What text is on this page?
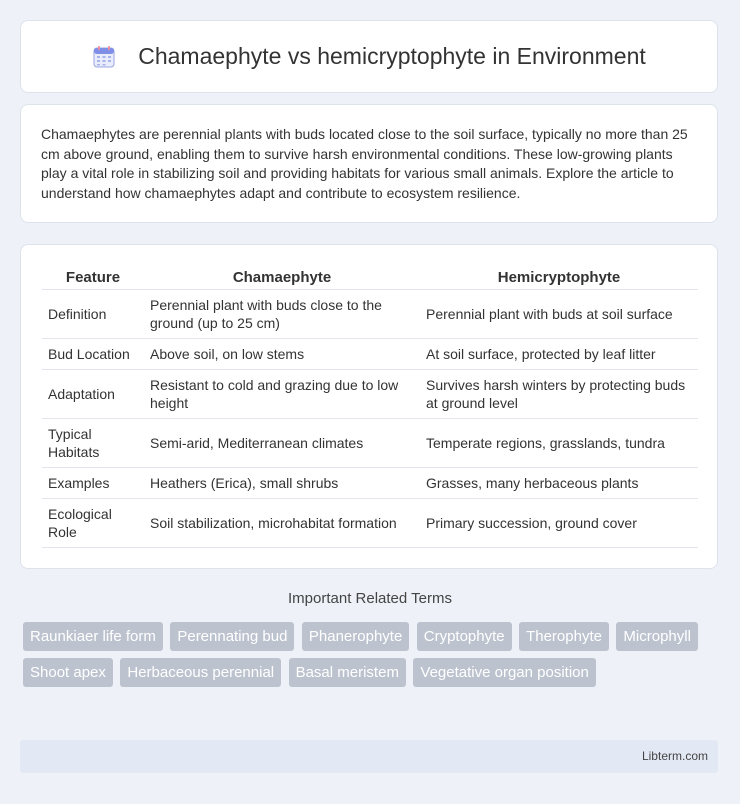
Chamaephyte vs hemicryptophyte in Environment

Chamaephytes are perennial plants with buds located close to the soil surface, typically no more than 25 cm above ground, enabling them to survive harsh environmental conditions. These low-growing plants play a vital role in stabilizing soil and providing habitats for various small animals. Explore the article to understand how chamaephytes adapt and contribute to ecosystem resilience.

Feature	Chamaephyte	Hemicryptophyte
Definition	Perennial plant with buds close to the ground (up to 25 cm)	Perennial plant with buds at soil surface
Bud Location	Above soil, on low stems	At soil surface, protected by leaf litter
Adaptation	Resistant to cold and grazing due to low height	Survives harsh winters by protecting buds at ground level
Typical Habitats	Semi-arid, Mediterranean climates	Temperate regions, grasslands, tundra
Examples	Heathers (Erica), small shrubs	Grasses, many herbaceous plants
Ecological Role	Soil stabilization, microhabitat formation	Primary succession, ground cover
Important Related Terms
Raunkiaer life form Perennating bud Phanerophyte Cryptophyte Therophyte Microphyll Shoot apex Herbaceous perennial Basal meristem Vegetative organ position
Libterm.com
